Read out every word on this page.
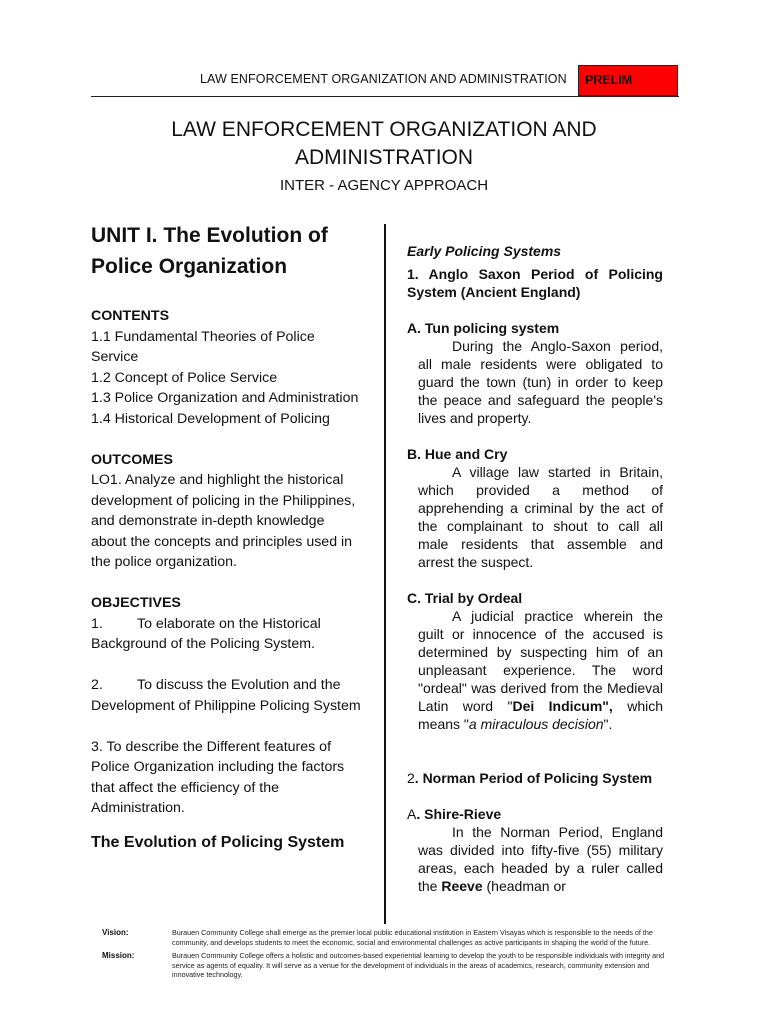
LAW ENFORCEMENT ORGANIZATION AND ADMINISTRATION	PRELIM
LAW ENFORCEMENT ORGANIZATION AND
ADMINISTRATION
INTER - AGENCY APPROACH
UNIT I. The Evolution of
Police Organization
CONTENTS
1.1 Fundamental Theories of Police Service
1.2 Concept of Police Service
1.3 Police Organization and Administration
1.4 Historical Development of Policing
OUTCOMES
LO1. Analyze and highlight the historical development of policing in the Philippines, and demonstrate in-depth knowledge about the concepts and principles used in the police organization.
OBJECTIVES
1. To elaborate on the Historical
Background of the Policing System.
2. To discuss the Evolution and the
Development of Philippine Policing System
3. To describe the Different features of Police Organization including the factors that affect the efficiency of the Administration.
The Evolution of Policing System
Early Policing Systems
1. Anglo Saxon Period of Policing System (Ancient England)
A. Tun policing system
During the Anglo-Saxon period, all male residents were obligated to guard the town (tun) in order to keep the peace and safeguard the people's lives and property.
B. Hue and Cry
A village law started in Britain, which provided a method of apprehending a criminal by the act of the complainant to shout to call all male residents that assemble and arrest the suspect.
C. Trial by Ordeal
A judicial practice wherein the guilt or innocence of the accused is determined by suspecting him of an unpleasant experience. The word "ordeal" was derived from the Medieval Latin word "Dei Indicum", which means "a miraculous decision".
2. Norman Period of Policing System
A. Shire-Rieve
In the Norman Period, England was divided into fifty-five (55) military areas, each headed by a ruler called the Reeve (headman or
Vision:	Burauen Community College shall emerge as the premier local public educational institution in Eastern Visayas which is responsible to the needs of the community, and develops students to meet the economic, social and environmental challenges as active participants in shaping the world of the future.
Mission:	Burauen Community College offers a holistic and outcomes-based experiential learning to develop the youth to be responsible individuals with integrity and service as agents of equality. It will serve as a venue for the development of individuals in the areas of academics, research, community extension and innovative technology.
